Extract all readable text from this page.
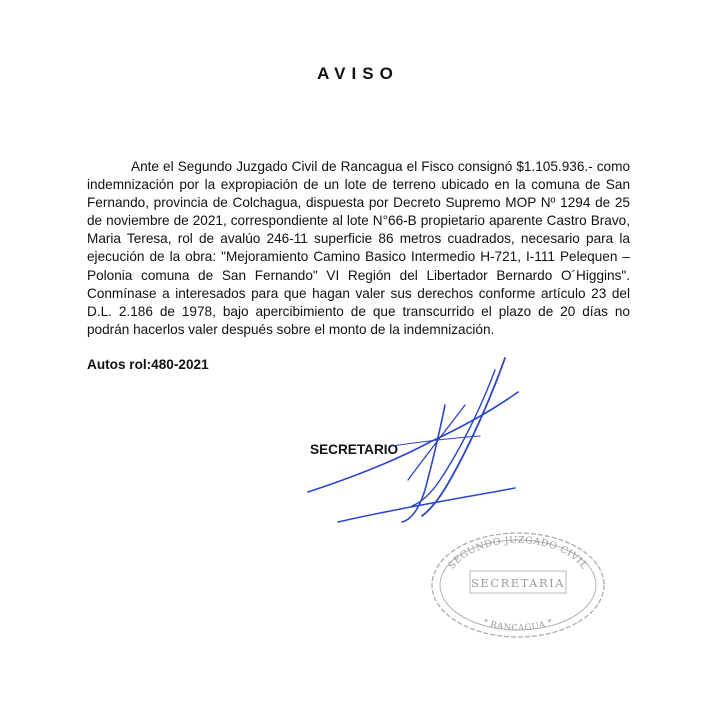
AVISO

Ante el Segundo Juzgado Civil de Rancagua el Fisco consignó $1.105.936.- como indemnización por la expropiación de un lote de terreno ubicado en la comuna de San Fernando, provincia de Colchagua, dispuesta por Decreto Supremo MOP Nº 1294 de 25 de noviembre de 2021, correspondiente al lote N°66-B propietario aparente Castro Bravo, Maria Teresa, rol de avalúo 246-11 superficie 86 metros cuadrados, necesario para la ejecución de la obra: "Mejoramiento Camino Basico Intermedio H-721, I-111 Pelequen – Polonia comuna de San Fernando" VI Región del Libertador Bernardo O´Higgins". Conmínase a interesados para que hagan valer sus derechos conforme artículo 23 del D.L. 2.186 de 1978, bajo apercibimiento de que transcurrido el plazo de 20 días no podrán hacerlos valer después sobre el monto de la indemnización.

Autos rol:480-2021
SECRETARIO
SEGUNDO JUZGADO CIVIL
SECRETARIA
* RANCAGUA *
